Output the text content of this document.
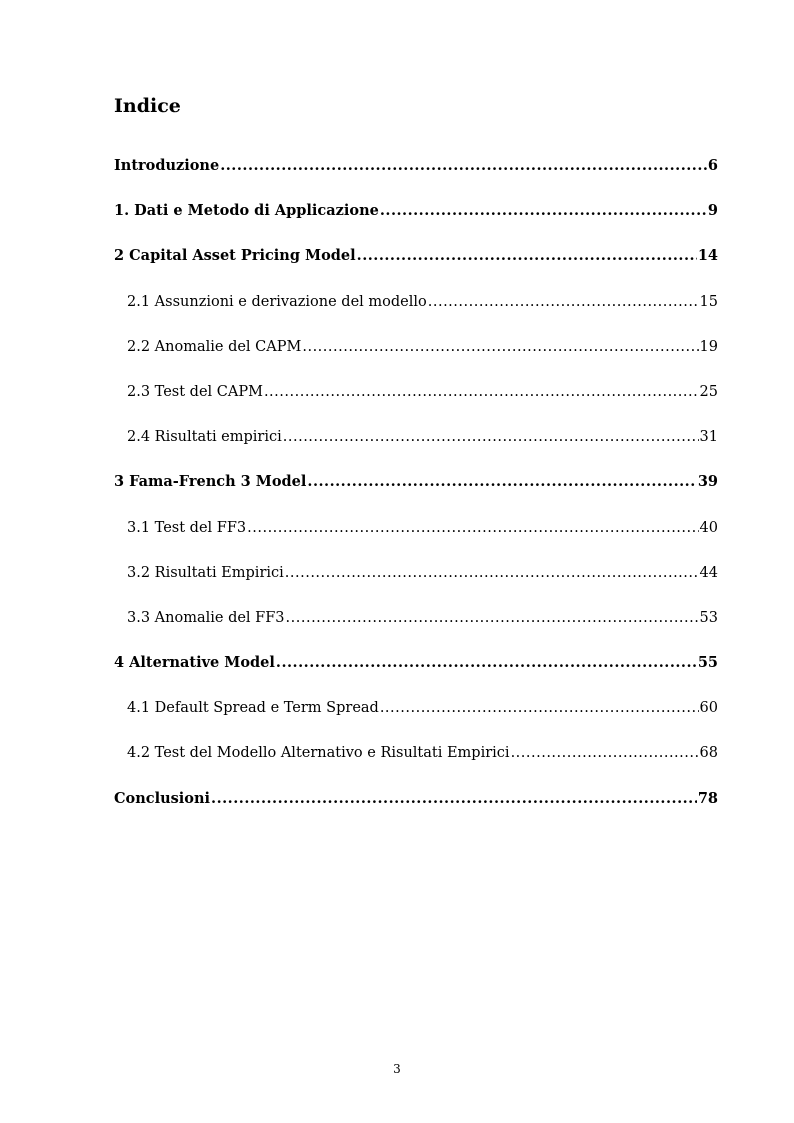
Indice
Introduzione .....	6
1. Dati e Metodo di Applicazione .....	9
2 Capital Asset Pricing Model .....	14
2.1 Assunzioni e derivazione del modello .....	15
2.2 Anomalie del CAPM .....	19
2.3 Test del CAPM .....	25
2.4 Risultati empirici .....	31
3 Fama-French 3 Model .....	39
3.1 Test del FF3 .....	40
3.2 Risultati Empirici .....	44
3.3 Anomalie del FF3 .....	53
4 Alternative Model .....	55
4.1 Default Spread e Term Spread .....	60
4.2 Test del Modello Alternativo e Risultati Empirici .....	68
Conclusioni .....	78
3
